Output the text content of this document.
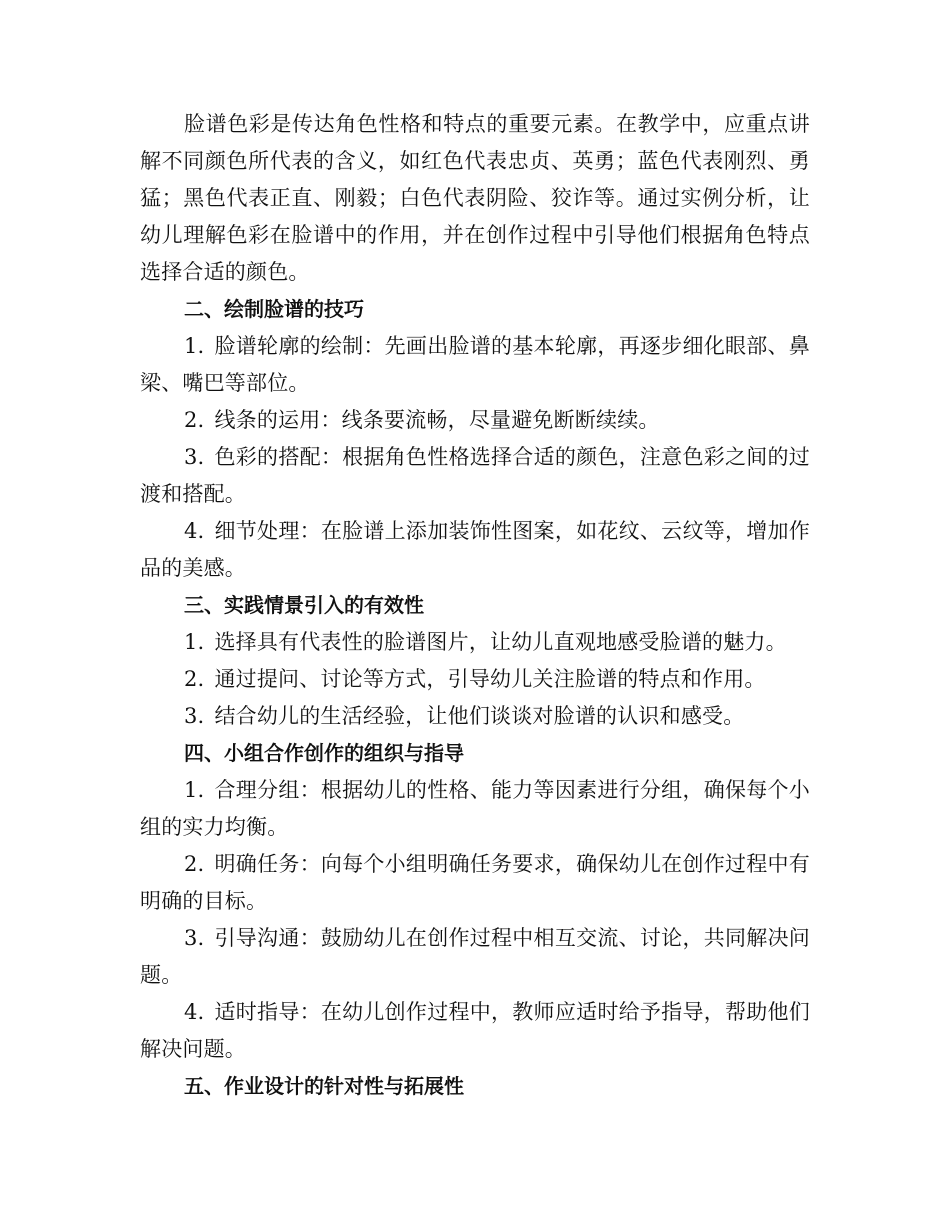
脸谱色彩是传达角色性格和特点的重要元素。在教学中，应重点讲解不同颜色所代表的含义，如红色代表忠贞、英勇；蓝色代表刚烈、勇猛；黑色代表正直、刚毅；白色代表阴险、狡诈等。通过实例分析，让幼儿理解色彩在脸谱中的作用，并在创作过程中引导他们根据角色特点选择合适的颜色。

二、绘制脸谱的技巧

1. 脸谱轮廓的绘制：先画出脸谱的基本轮廓，再逐步细化眼部、鼻梁、嘴巴等部位。

2. 线条的运用：线条要流畅，尽量避免断断续续。

3. 色彩的搭配：根据角色性格选择合适的颜色，注意色彩之间的过渡和搭配。

4. 细节处理：在脸谱上添加装饰性图案，如花纹、云纹等，增加作品的美感。

三、实践情景引入的有效性

1. 选择具有代表性的脸谱图片，让幼儿直观地感受脸谱的魅力。

2. 通过提问、讨论等方式，引导幼儿关注脸谱的特点和作用。

3. 结合幼儿的生活经验，让他们谈谈对脸谱的认识和感受。

四、小组合作创作的组织与指导

1. 合理分组：根据幼儿的性格、能力等因素进行分组，确保每个小组的实力均衡。

2. 明确任务：向每个小组明确任务要求，确保幼儿在创作过程中有明确的目标。

3. 引导沟通：鼓励幼儿在创作过程中相互交流、讨论，共同解决问题。

4. 适时指导：在幼儿创作过程中，教师应适时给予指导，帮助他们解决问题。

五、作业设计的针对性与拓展性
